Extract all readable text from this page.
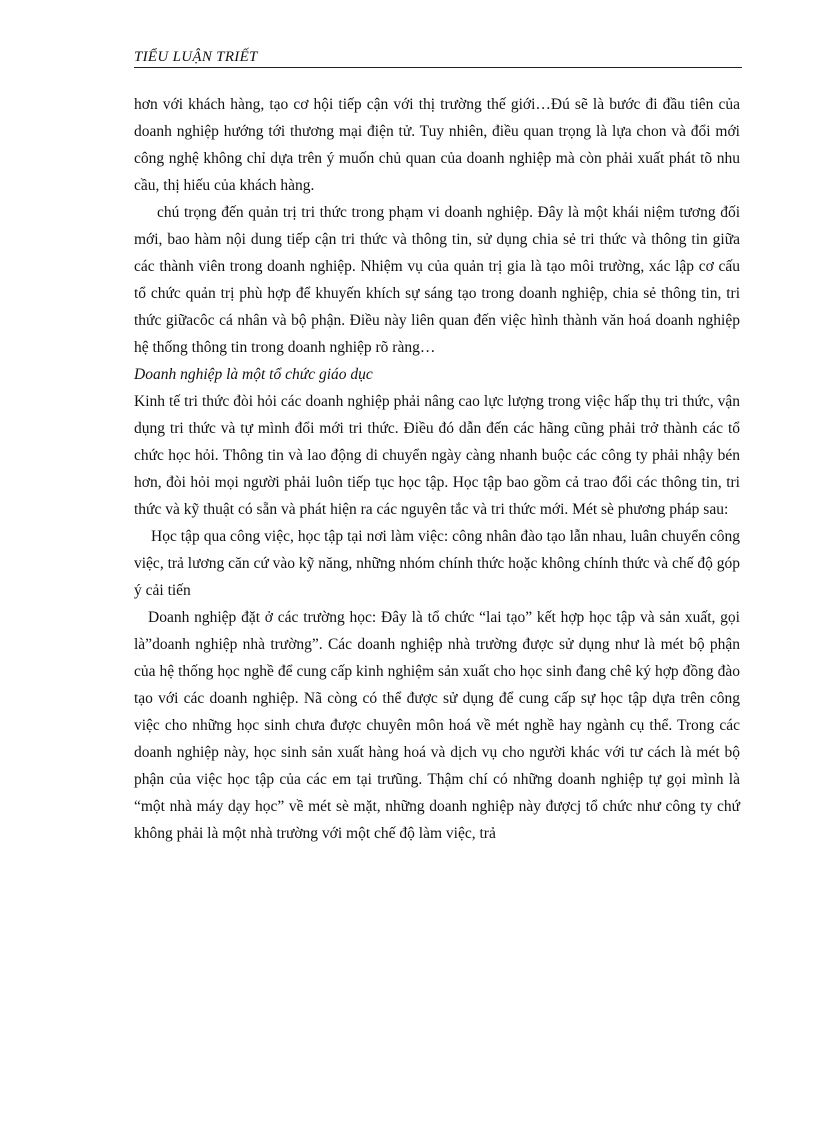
TIỂU LUẬN TRIẾT

hơn với khách hàng, tạo cơ hội tiếp cận với thị trường thế giới…Đú sẽ là bước đi đầu tiên của doanh nghiệp hướng tới thương mại điện tử. Tuy nhiên, điều quan trọng là lựa chon và đổi mới công nghệ không chỉ dựa trên ý muốn chủ quan của doanh nghiệp mà còn phải xuất phát tõ nhu cầu, thị hiếu của khách hàng.

chú trọng đến quản trị tri thức trong phạm vi doanh nghiệp. Đây là một khái niệm tương đối mới, bao hàm nội dung tiếp cận tri thức và thông tin, sử dụng chia sẻ tri thức và thông tin giữa các thành viên trong doanh nghiệp. Nhiệm vụ của quản trị gia là tạo môi trường, xác lập cơ cấu tổ chức quản trị phù hợp để khuyến khích sự sáng tạo trong doanh nghiệp, chia sẻ thông tin, tri thức giữacôc cá nhân và bộ phận. Điều này liên quan đến việc hình thành văn hoá doanh nghiệp hệ thống thông tin trong doanh nghiệp rõ ràng…

Doanh nghiệp là một tổ chức giáo dục

Kinh tế tri thức đòi hỏi các doanh nghiệp phải nâng cao lực lượng trong việc hấp thụ tri thức, vận dụng tri thức và tự mình đổi mới tri thức. Điều đó dẫn đến các hãng cũng phải trở thành các tổ chức học hỏi. Thông tin và lao động di chuyển ngày càng nhanh buộc các công ty phải nhậy bén hơn, đòi hỏi mọi người phải luôn tiếp tục học tập. Học tập bao gồm cả trao đổi các thông tin, tri thức và kỹ thuật có sẵn và phát hiện ra các nguyên tắc và tri thức mới. Mét sè phương pháp sau:

Học tập qua công việc, học tập tại nơi làm việc: công nhân đào tạo lẫn nhau, luân chuyển công việc, trả lương căn cứ vào kỹ năng, những nhóm chính thức hoặc không chính thức và chế độ góp ý cải tiến

Doanh nghiệp đặt ở các trường học: Đây là tổ chức “lai tạo” kết hợp học tập và sản xuất, gọi là”doanh nghiệp nhà trường”. Các doanh nghiệp nhà trường được sử dụng như là mét bộ phận của hệ thống học nghề để cung cấp kinh nghiệm sản xuất cho học sinh đang chê ký hợp đồng đào tạo với các doanh nghiệp. Nã còng có thể được sử dụng để cung cấp sự học tập dựa trên công việc cho những học sinh chưa được chuyên môn hoá về mét nghề hay ngành cụ thể. Trong các doanh nghiệp này, học sinh sản xuất hàng hoá và dịch vụ cho người khác với tư cách là mét bộ phận của việc học tập của các em tại trưũng. Thậm chí có những doanh nghiệp tự gọi mình là “một nhà máy dạy học” về mét sè mặt, những doanh nghiệp này đượcj tổ chức như công ty chứ không phải là một nhà trường với một chế độ làm việc, trả
